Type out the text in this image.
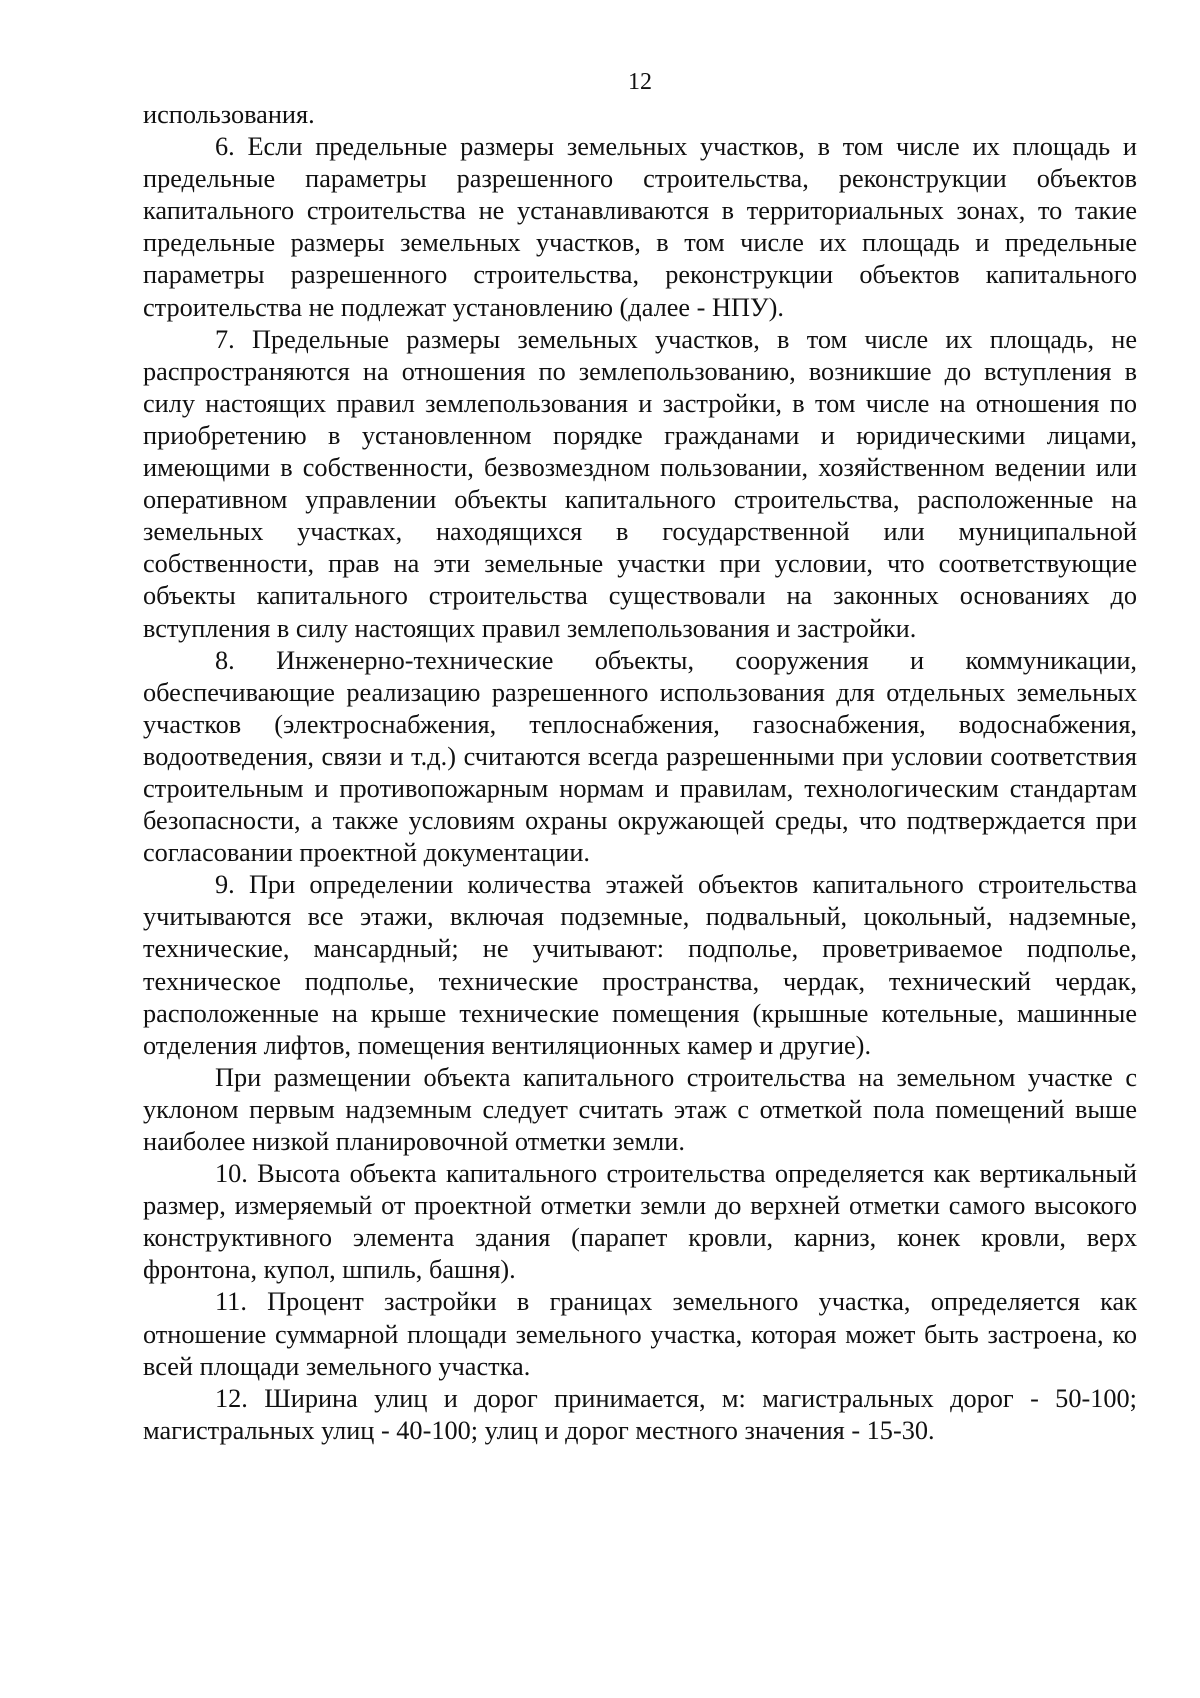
12

использования.

6. Если предельные размеры земельных участков, в том числе их площадь и предельные параметры разрешенного строительства, реконструкции объектов капитального строительства не устанавливаются в территориальных зонах, то такие предельные размеры земельных участков, в том числе их площадь и предельные параметры разрешенного строительства, реконструкции объектов капитального строительства не подлежат установлению (далее - НПУ).

7. Предельные размеры земельных участков, в том числе их площадь, не распространяются на отношения по землепользованию, возникшие до вступления в силу настоящих правил землепользования и застройки, в том числе на отношения по приобретению в установленном порядке гражданами и юридическими лицами, имеющими в собственности, безвозмездном пользовании, хозяйственном ведении или оперативном управлении объекты капитального строительства, расположенные на земельных участках, находящихся в государственной или муниципальной собственности, прав на эти земельные участки при условии, что соответствующие объекты капитального строительства существовали на законных основаниях до вступления в силу настоящих правил землепользования и застройки.

8. Инженерно-технические объекты, сооружения и коммуникации, обеспечивающие реализацию разрешенного использования для отдельных земельных участков (электроснабжения, теплоснабжения, газоснабжения, водоснабжения, водоотведения, связи и т.д.) считаются всегда разрешенными при условии соответствия строительным и противопожарным нормам и правилам, технологическим стандартам безопасности, а также условиям охраны окружающей среды, что подтверждается при согласовании проектной документации.

9. При определении количества этажей объектов капитального строительства учитываются все этажи, включая подземные, подвальный, цокольный, надземные, технические, мансардный; не учитывают: подполье, проветриваемое подполье, техническое подполье, технические пространства, чердак, технический чердак, расположенные на крыше технические помещения (крышные котельные, машинные отделения лифтов, помещения вентиляционных камер и другие).

При размещении объекта капитального строительства на земельном участке с уклоном первым надземным следует считать этаж с отметкой пола помещений выше наиболее низкой планировочной отметки земли.

10. Высота объекта капитального строительства определяется как вертикальный размер, измеряемый от проектной отметки земли до верхней отметки самого высокого конструктивного элемента здания (парапет кровли, карниз, конек кровли, верх фронтона, купол, шпиль, башня).

11. Процент застройки в границах земельного участка, определяется как отношение суммарной площади земельного участка, которая может быть застроена, ко всей площади земельного участка.

12. Ширина улиц и дорог принимается, м: магистральных дорог - 50-100; магистральных улиц - 40-100; улиц и дорог местного значения - 15-30.
